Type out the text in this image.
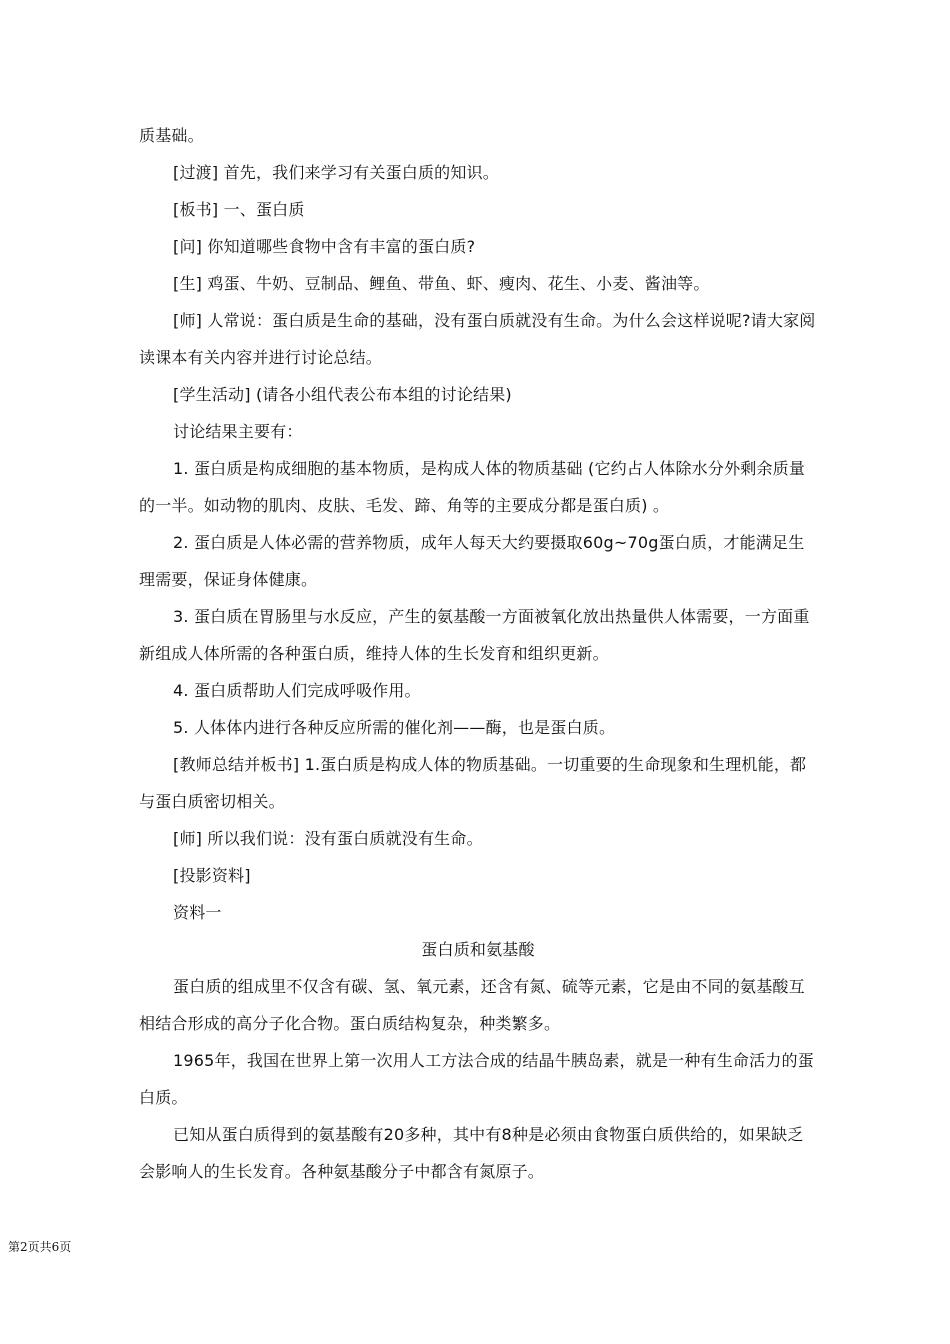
质基础。

[过渡] 首先，我们来学习有关蛋白质的知识。

[板书] 一、蛋白质

[问] 你知道哪些食物中含有丰富的蛋白质?

[生] 鸡蛋、牛奶、豆制品、鲤鱼、带鱼、虾、瘦肉、花生、小麦、酱油等。

[师] 人常说：蛋白质是生命的基础，没有蛋白质就没有生命。为什么会这样说呢?请大家阅读课本有关内容并进行讨论总结。

[学生活动] (请各小组代表公布本组的讨论结果)

讨论结果主要有：

1. 蛋白质是构成细胞的基本物质，是构成人体的物质基础 (它约占人体除水分外剩余质量的一半。如动物的肌肉、皮肤、毛发、蹄、角等的主要成分都是蛋白质) 。

2. 蛋白质是人体必需的营养物质，成年人每天大约要摄取60g~70g蛋白质，才能满足生理需要，保证身体健康。

3. 蛋白质在胃肠里与水反应，产生的氨基酸一方面被氧化放出热量供人体需要，一方面重新组成人体所需的各种蛋白质，维持人体的生长发育和组织更新。

4. 蛋白质帮助人们完成呼吸作用。

5. 人体体内进行各种反应所需的催化剂——酶，也是蛋白质。

[教师总结并板书] 1.蛋白质是构成人体的物质基础。一切重要的生命现象和生理机能，都与蛋白质密切相关。

[师] 所以我们说：没有蛋白质就没有生命。

[投影资料]

资料一

蛋白质和氨基酸

蛋白质的组成里不仅含有碳、氢、氧元素，还含有氮、硫等元素，它是由不同的氨基酸互相结合形成的高分子化合物。蛋白质结构复杂，种类繁多。

1965年，我国在世界上第一次用人工方法合成的结晶牛胰岛素，就是一种有生命活力的蛋白质。

已知从蛋白质得到的氨基酸有20多种，其中有8种是必须由食物蛋白质供给的，如果缺乏会影响人的生长发育。各种氨基酸分子中都含有氮原子。

第2页共6页
